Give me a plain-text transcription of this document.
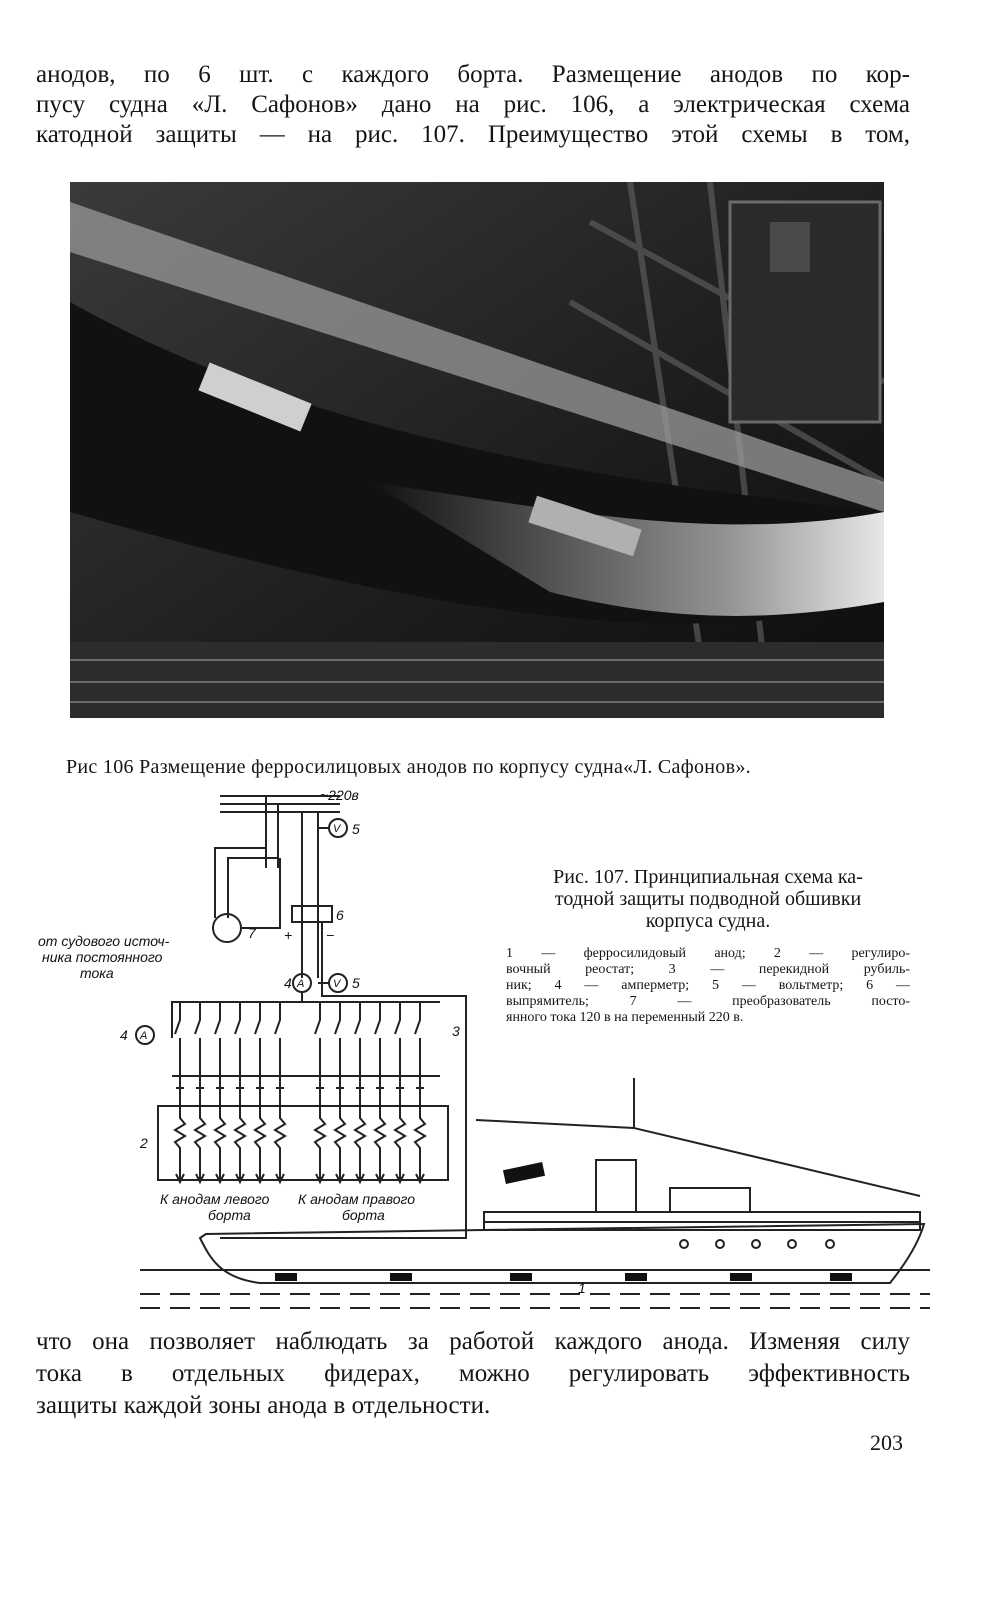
анодов, по 6 шт. с каждого борта. Размещение анодов по кор-
пусу судна «Л. Сафонов» дано на рис. 106, а электрическая схема
катодной защиты — на рис. 107. Преимущество этой схемы в том,

Рис 106 Размещение ферросилицовых анодов по корпусу судна«Л. Сафонов».
~220в
от судового источ-
ника постоянного
тока
К анодам левого
борта
К анодам правого
борта
1
2
3
4
4
5
5
6
7 + −
A
A
V
V
Рис. 107. Принципиальная схема ка-
тодной защиты подводной обшивки
корпуса судна.
1 — ферросилидовый анод; 2 — регулиро-
вочный реостат; 3 — перекидной рубиль-
ник; 4 — амперметр; 5 — вольтметр; 6 —
выпрямитель; 7 — преобразователь посто-
янного тока 120 в на переменный 220 в.

что она позволяет наблюдать за работой каждого анода. Изменяя силу
тока в отдельных фидерах, можно регулировать эффективность
защиты каждой зоны анода в отдельности.

203
